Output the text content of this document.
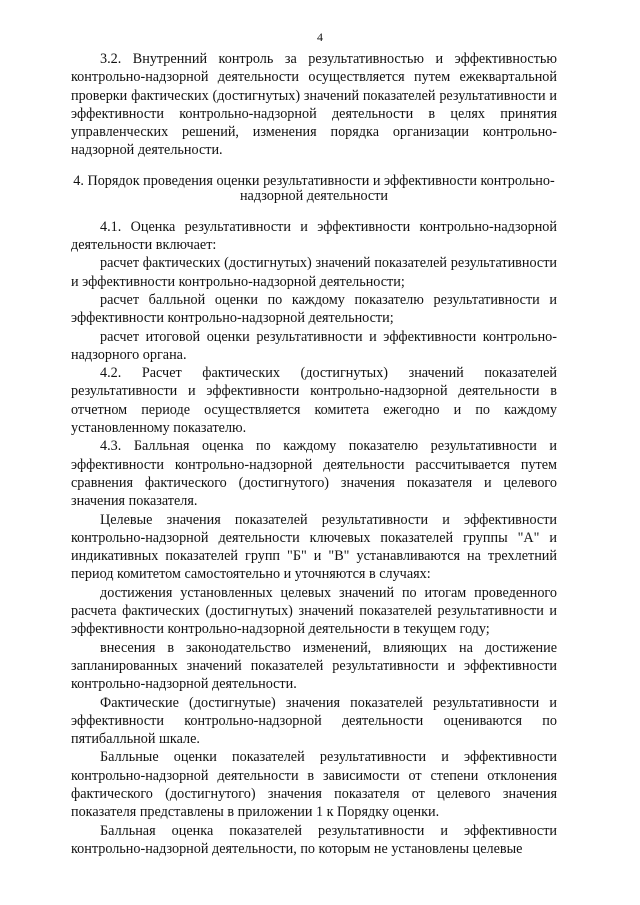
4

3.2. Внутренний контроль за результативностью и эффективностью контрольно-надзорной деятельности осуществляется путем ежеквартальной проверки фактических (достигнутых) значений показателей результативности и эффективности контрольно-надзорной деятельности в целях принятия управленческих решений, изменения порядка организации контрольно-надзорной деятельности.

4. Порядок проведения оценки результативности и эффективности контрольно-надзорной деятельности

4.1. Оценка результативности и эффективности контрольно-надзорной деятельности включает:

расчет фактических (достигнутых) значений показателей результативности и эффективности контрольно-надзорной деятельности;

расчет балльной оценки по каждому показателю результативности и эффективности контрольно-надзорной деятельности;

расчет итоговой оценки результативности и эффективности контрольно-надзорного органа.

4.2. Расчет фактических (достигнутых) значений показателей результативности и эффективности контрольно-надзорной деятельности в отчетном периоде осуществляется комитета ежегодно и по каждому установленному показателю.

4.3. Балльная оценка по каждому показателю результативности и эффективности контрольно-надзорной деятельности рассчитывается путем сравнения фактического (достигнутого) значения показателя и целевого значения показателя.

Целевые значения показателей результативности и эффективности контрольно-надзорной деятельности ключевых показателей группы "А" и индикативных показателей групп "Б" и "В" устанавливаются на трехлетний период комитетом самостоятельно и уточняются в случаях:

достижения установленных целевых значений по итогам проведенного расчета фактических (достигнутых) значений показателей результативности и эффективности контрольно-надзорной деятельности в текущем году;

внесения в законодательство изменений, влияющих на достижение запланированных значений показателей результативности и эффективности контрольно-надзорной деятельности.

Фактические (достигнутые) значения показателей результативности и эффективности контрольно-надзорной деятельности оцениваются по пятибалльной шкале.

Балльные оценки показателей результативности и эффективности контрольно-надзорной деятельности в зависимости от степени отклонения фактического (достигнутого) значения показателя от целевого значения показателя представлены в приложении 1 к Порядку оценки.

Балльная оценка показателей результативности и эффективности контрольно-надзорной деятельности, по которым не установлены целевые
